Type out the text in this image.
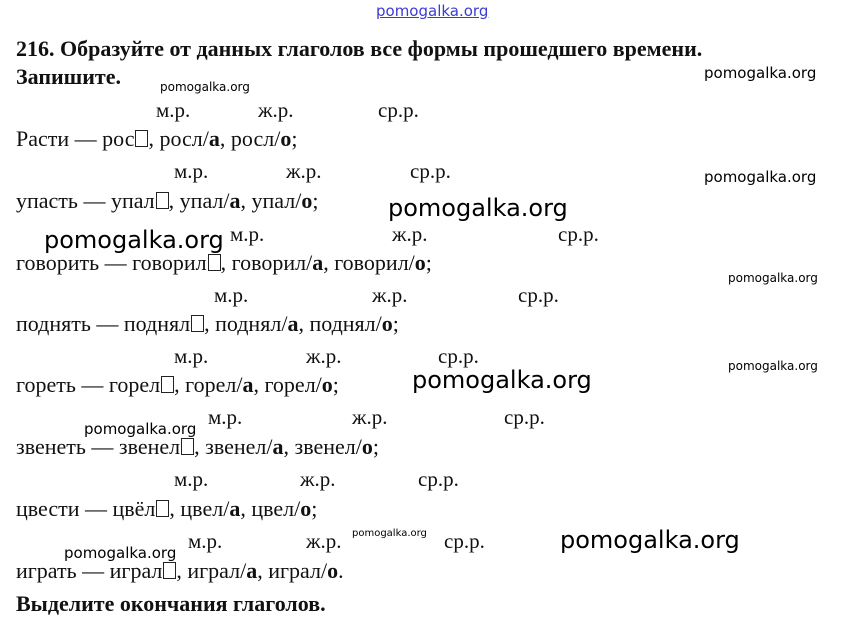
pomogalka.org
216. Образуйте от данных глаголов все формы прошедшего времени.
Запишите.
м.р.	ж.р.	ср.р.
м.р.	ж.р.	ср.р.
м.р.	ж.р.	ср.р.
м.р.	ж.р.	ср.р.
м.р.	ж.р.	ср.р.
м.р.	ж.р.	ср.р.
м.р.	ж.р.	ср.р.
м.р.	ж.р.	ср.р.
Расти — рос , росл/а, росл/о;
упасть — упал , упал/а, упал/о;
говорить — говорил , говорил/а, говорил/о;
поднять — поднял , поднял/а, поднял/о;
гореть — горел , горел/а, горел/о;
звенеть — звенел , звенел/а, звенел/о;
цвести — цвёл , цвел/а, цвел/о;
играть — играл , играл/а, играл/о.
Выделите окончания глаголов.
pomogalka.org
pomogalka.org
pomogalka.org
pomogalka.org
pomogalka.org
pomogalka.org
pomogalka.org
pomogalka.org
pomogalka.org
pomogalka.org
pomogalka.org	pomogalka.org
